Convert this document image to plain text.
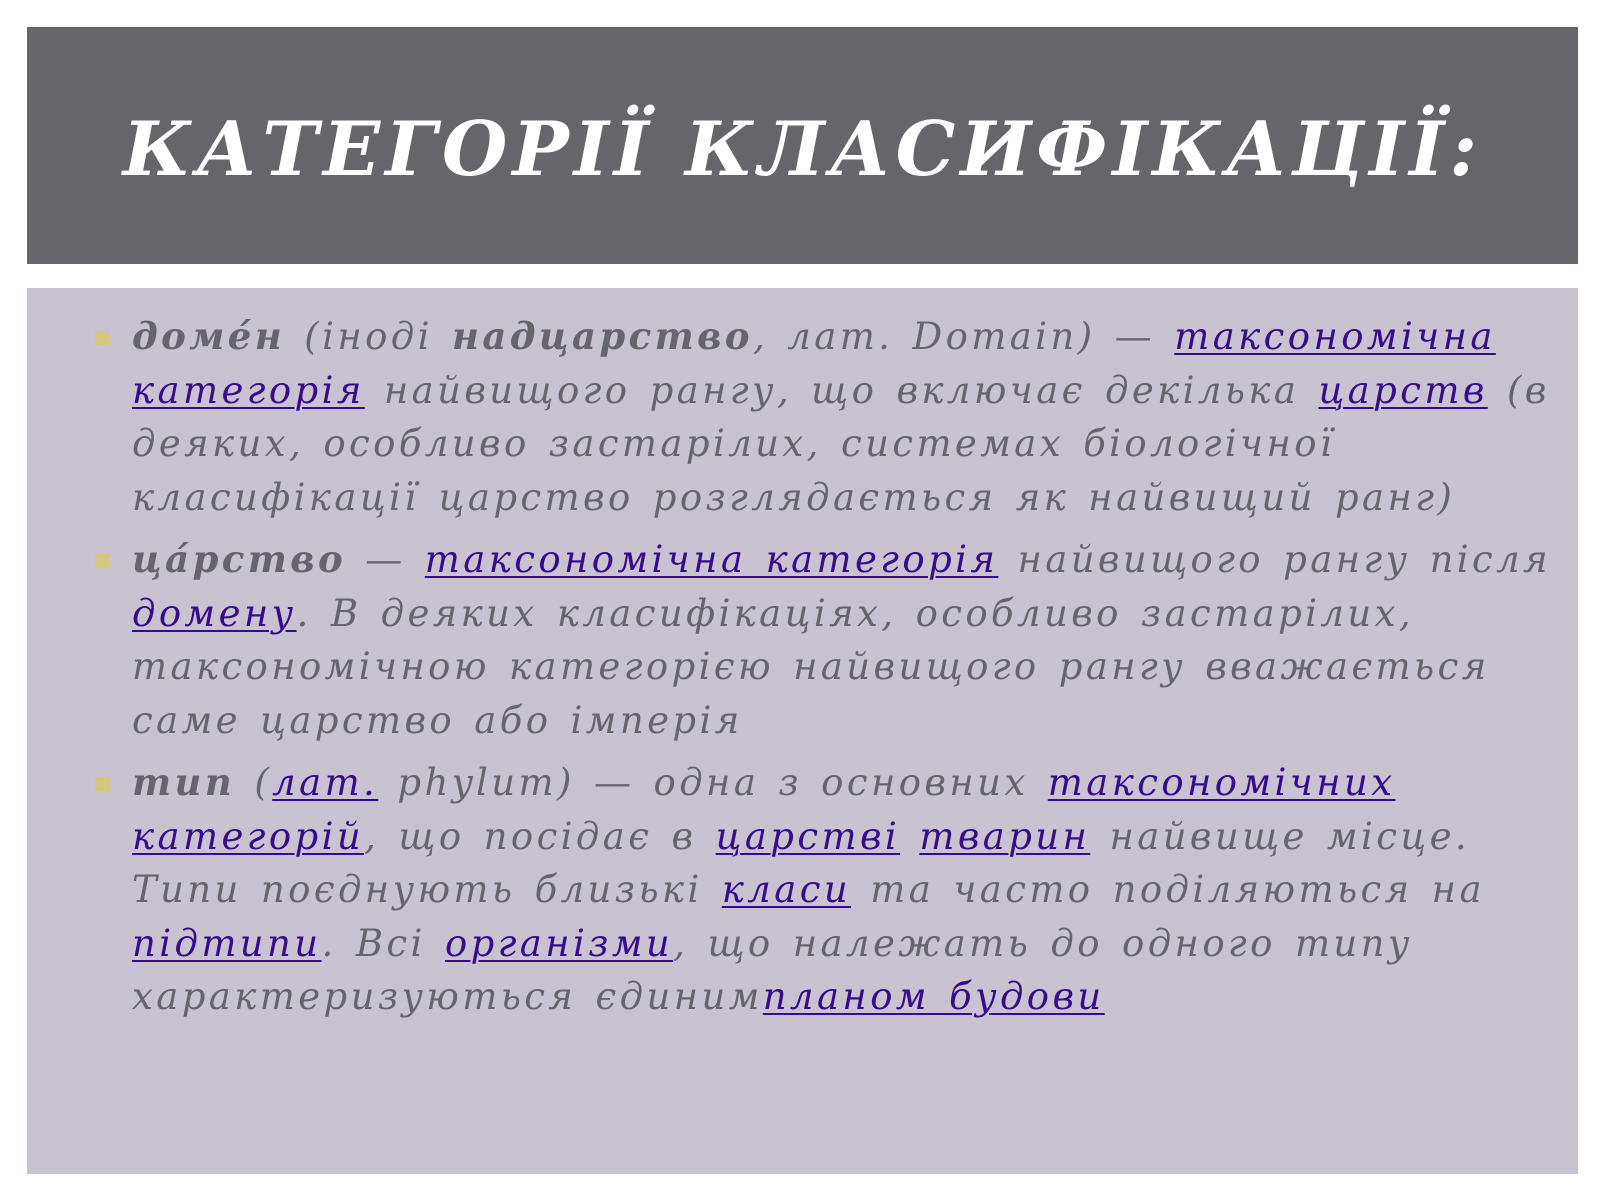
КАТЕГОРІЇ КЛАСИФІКАЦІЇ:
доме́н (іноді надцарство, лат. Domain) — таксономічна категорія найвищого рангу, що включає декілька царств (в деяких, особливо застарілих, системах біологічної класифікації царство розглядається як найвищий ранг)
ца́рство — таксономічна категорія найвищого рангу після домену. В деяких класифікаціях, особливо застарілих, таксономічною категорією найвищого рангу вважається саме царство або імперія
тип (лат. phylum) — одна з основних таксономічних категорій, що посідає в царстві тварин найвище місце. Типи поєднують близькі класи та часто поділяються на підтипи. Всі організми, що належать до одного типу характеризуються єдинимпланом будови
